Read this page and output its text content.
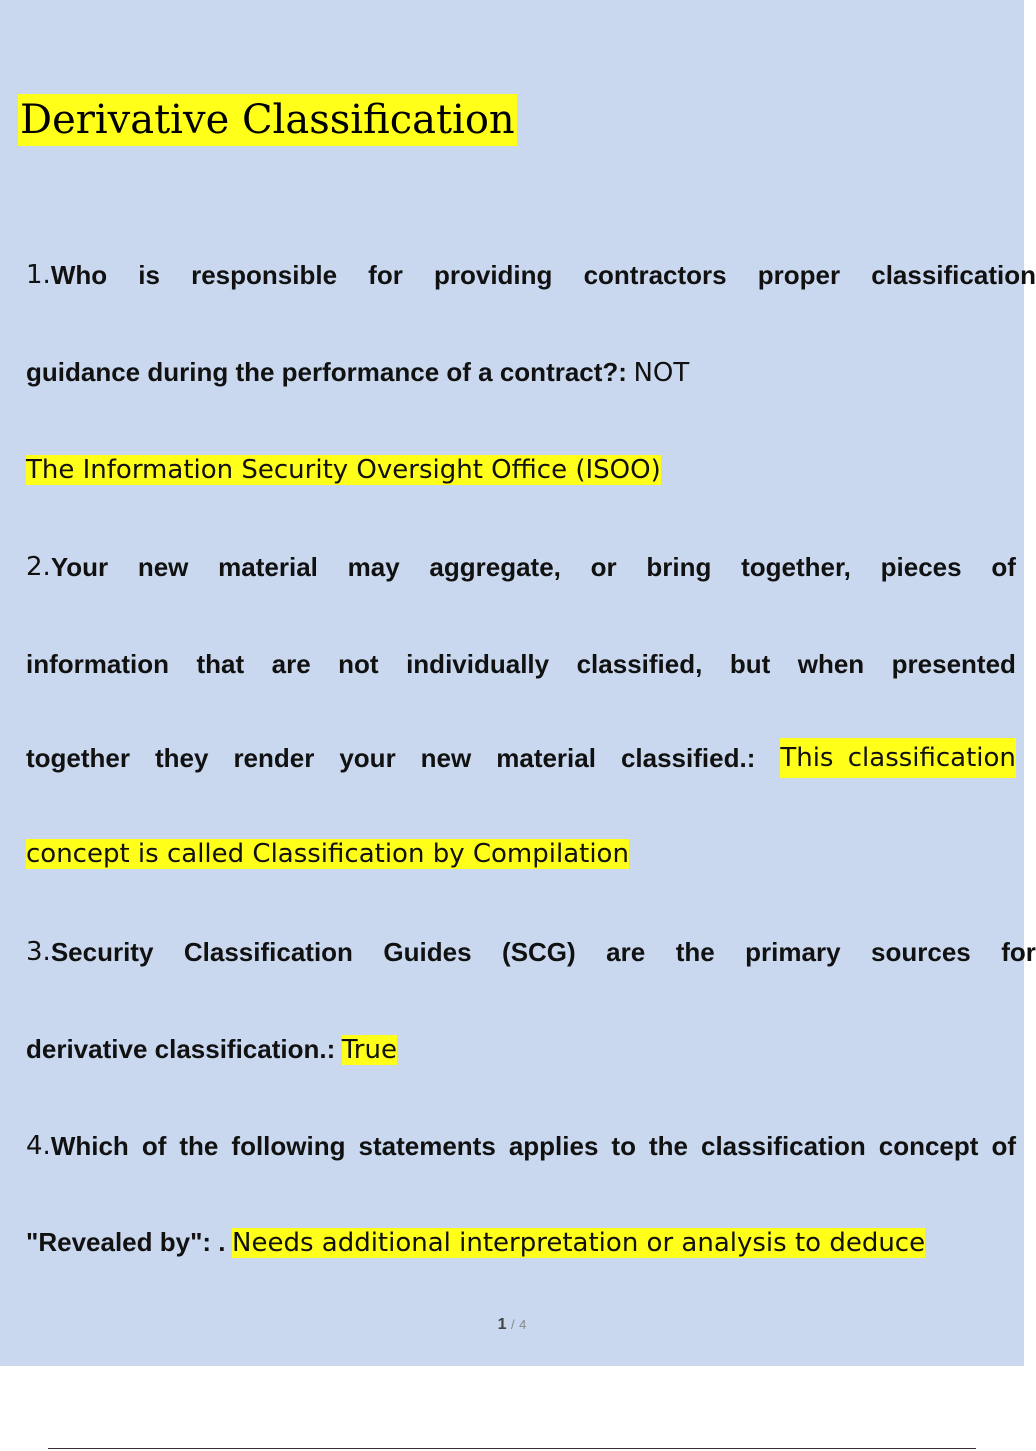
Derivative Classification
1. Who is responsible for providing contractors proper classification
guidance during the performance of a contract?: NOT
The Information Security Oversight Office (ISOO)
2. Your new material may aggregate, or bring together, pieces of
information that are not individually classified, but when presented
together they render your new material classified.: This classification
concept is called Classification by Compilation
3. Security Classification Guides (SCG) are the primary sources for
derivative classification.: True
4. Which of the following statements applies to the classification concept of
"Revealed by": . Needs additional interpretation or analysis to deduce
1 / 4
